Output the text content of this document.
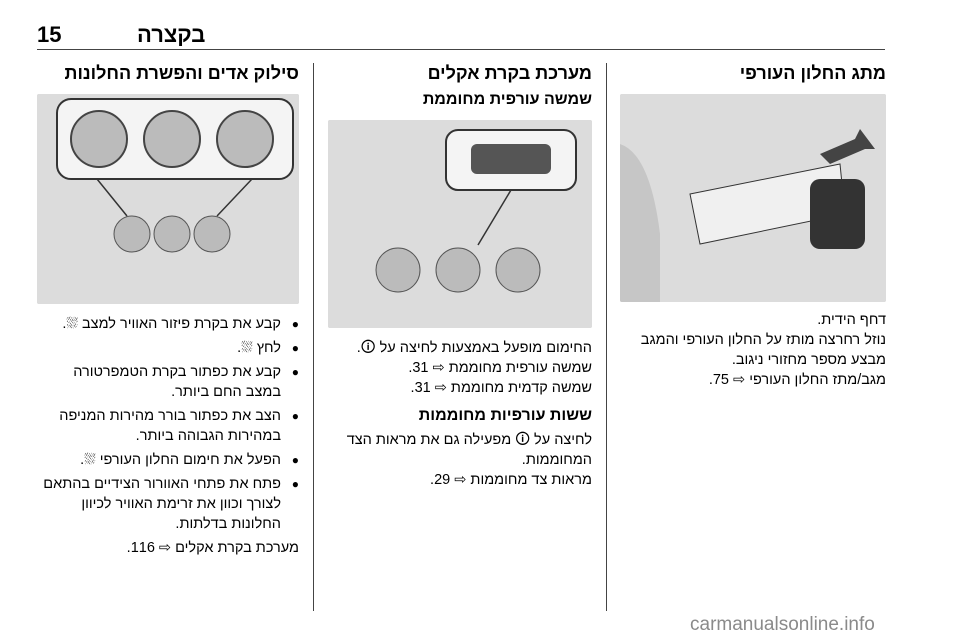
15	בקצרה
מתג החלון העורפי

דחף הידית.

נוזל רחרצה מותז על החלון העורפי והמגב מבצע מספר מחזורי ניגוב.

מגב/מתז החלון העורפי ⇨ 75.

מערכת בקרת אקלים
שמשה עורפית מחוממת

החימום מופעל באמצעות לחיצה על 🛈.

שמשה עורפית מחוממת ⇨ 31.

שמשה קדמית מחוממת ⇨ 31.

ששות עורפיות מחוממות

לחיצה על 🛈 מפעילה גם את מראות הצד המחוממות.

מראות צד מחוממות ⇨ 29.

סילוק אדים והפשרת החלונות
● קבע את בקרת פיזור האוויר למצב ⛆.
● לחץ ⛆.
● קבע את כפתור בקרת הטמפרטורה במצב החם ביותר.
● הצב את כפתור בורר מהירות המניפה במהירות הגבוהה ביותר.
● הפעל את חימום החלון העורפי ⛆.
● פתח את פתחי האוורור הצידיים בהתאם לצורך וכוון את זרימת האוויר לכיוון החלונות בדלתות.

מערכת בקרת אקלים ⇨ 116.

carmanualsonline.info
